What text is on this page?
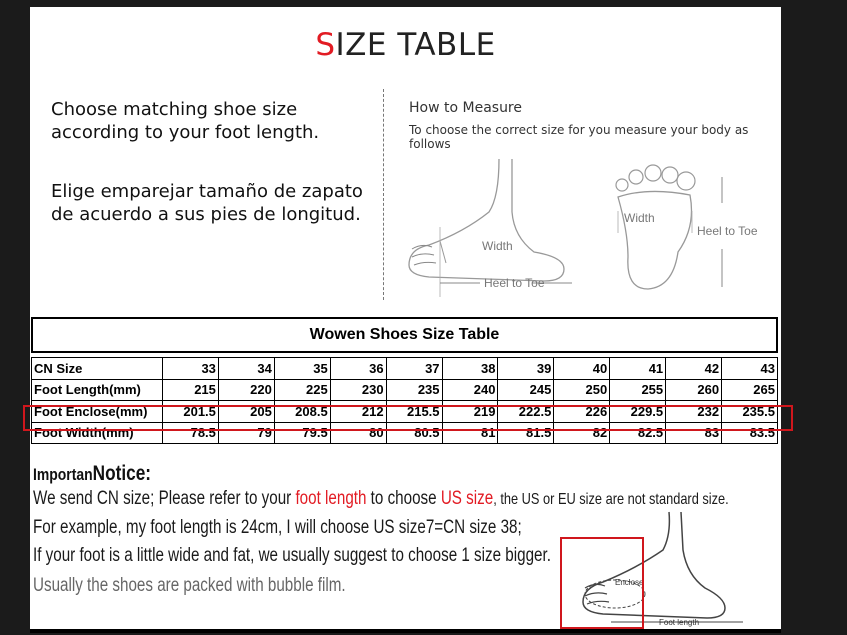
SIZE TABLE
Choose matching shoe size
according to your foot length.
Elige emparejar tamaño de zapato
de acuerdo a sus pies de longitud.
How to Measure
To choose the correct size for you measure your body as follows
Width
Heel to Toe
Width
Heel to Toe
Wowen Shoes Size Table
CN Size	33	34	35	36	37	38	39	40	41	42	43
Foot Length(mm)	215	220	225	230	235	240	245	250	255	260	265
Foot Enclose(mm)	201.5	205	208.5	212	215.5	219	222.5	226	229.5	232	235.5
Foot Width(mm)	78.5	79	79.5	80	80.5	81	81.5	82	82.5	83	83.5
ImportanNotice:
We send CN size; Please refer to your foot length to choose US size, the US or EU size are not standard size.
For example, my foot length is 24cm, I will choose US size7=CN size 38;
If your foot is a little wide and fat, we usually suggest to choose 1 size bigger.
Usually the shoes are packed with bubble film.	Enclose
Foot length
